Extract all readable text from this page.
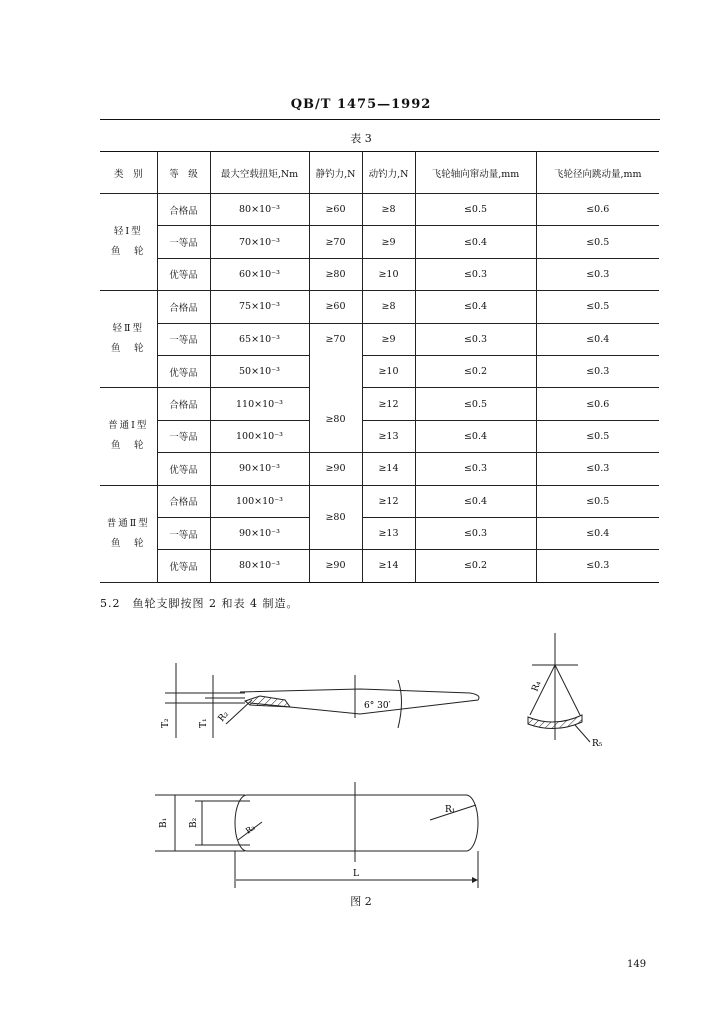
QB/T 1475—1992
表 3
类　别	等　级	最大空载扭矩,Nm	静钓力,N	动钓力,N	飞轮轴向窜动量,mm	飞轮径向跳动量,mm

轻Ⅰ型
鱼　轮	合格品	80×10⁻³	≥60	≥8	≤0.5	≤0.6
	一等品	70×10⁻³	≥70	≥9	≤0.4	≤0.5
	优等品	60×10⁻³	≥80	≥10	≤0.3	≤0.3

轻Ⅱ型
鱼　轮	合格品	75×10⁻³	≥60	≥8	≤0.4	≤0.5
	一等品	65×10⁻³	≥70	≥9	≤0.3	≤0.4
	优等品	50×10⁻³		≥10	≤0.2	≤0.3

普通Ⅰ型
鱼　轮	合格品	110×10⁻³	≥80	≥12	≤0.5	≤0.6
	一等品	100×10⁻³		≥13	≤0.4	≤0.5
	优等品	90×10⁻³	≥90	≥14	≤0.3	≤0.3

普通Ⅱ型
鱼　轮	合格品	100×10⁻³	≥80	≥12	≤0.4	≤0.5
	一等品	90×10⁻³		≥13	≤0.3	≤0.4
	优等品	80×10⁻³	≥90	≥14	≤0.2	≤0.3
5.2　鱼轮支脚按图 2 和表 4 制造。
6° 30′
T₂	T₁ R₂
R₄
R₅
B₁ B₂
R₁
R₃
L
图 2
149
